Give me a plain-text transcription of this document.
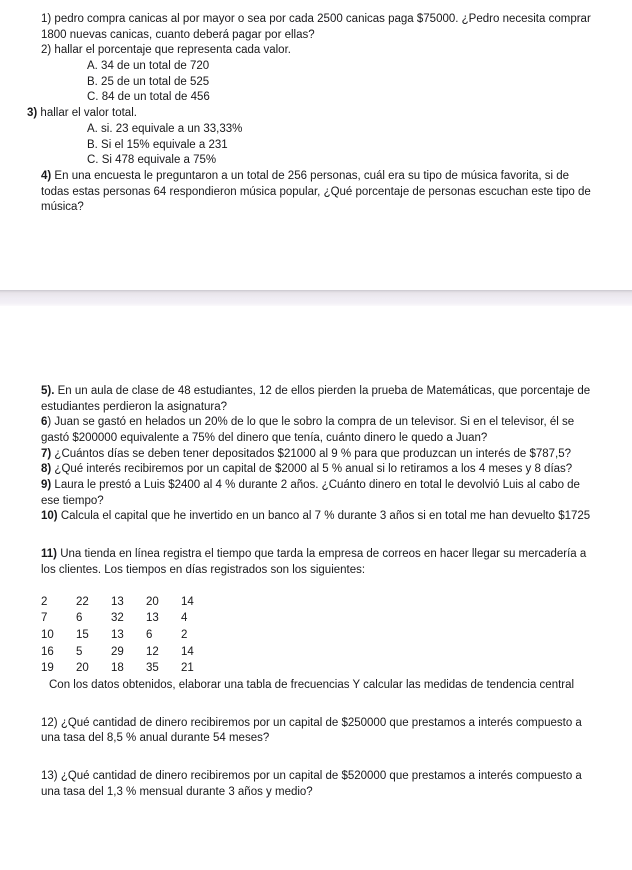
1) pedro compra canicas al por mayor o sea por cada 2500 canicas paga $75000. ¿Pedro necesita comprar 1800 nuevas canicas, cuanto deberá pagar por ellas?

2) hallar el porcentaje que representa cada valor.

A. 34 de un total de 720

B. 25 de un total de 525

C. 84 de un total de 456

3) hallar el valor total.

A. si. 23 equivale a un 33,33%

B. Si el 15% equivale a 231

C. Si 478 equivale a 75%

4) En una encuesta le preguntaron a un total de 256 personas, cuál era su tipo de música favorita, si de todas estas personas 64 respondieron música popular, ¿Qué porcentaje de personas escuchan este tipo de música?

5). En un aula de clase de 48 estudiantes, 12 de ellos pierden la prueba de Matemáticas, que porcentaje de estudiantes perdieron la asignatura?

6) Juan se gastó en helados un 20% de lo que le sobro la compra de un televisor. Si en el televisor, él se gastó $200000 equivalente a 75% del dinero que tenía, cuánto dinero le quedo a Juan?

7) ¿Cuántos días se deben tener depositados $21000 al 9 % para que produzcan un interés de $787,5?

8) ¿Qué interés recibiremos por un capital de $2000 al 5 % anual si lo retiramos a los 4 meses y 8 días?

9) Laura le prestó a Luis $2400 al 4 % durante 2 años. ¿Cuánto dinero en total le devolvió Luis al cabo de ese tiempo?

10) Calcula el capital que he invertido en un banco al 7 % durante 3 años si en total me han devuelto $1725

11) Una tienda en línea registra el tiempo que tarda la empresa de correos en hacer llegar su mercadería a los clientes. Los tiempos en días registrados son los siguientes:

2	22	13	20	14
7	6	32	13	4
10	15	13	6	2
16	5	29	12	14
19	20	18	35	21

Con los datos obtenidos, elaborar una tabla de frecuencias Y calcular las medidas de tendencia central

12) ¿Qué cantidad de dinero recibiremos por un capital de $250000 que prestamos a interés compuesto a una tasa del 8,5 % anual durante 54 meses?

13) ¿Qué cantidad de dinero recibiremos por un capital de $520000 que prestamos a interés compuesto a una tasa del 1,3 % mensual durante 3 años y medio?
